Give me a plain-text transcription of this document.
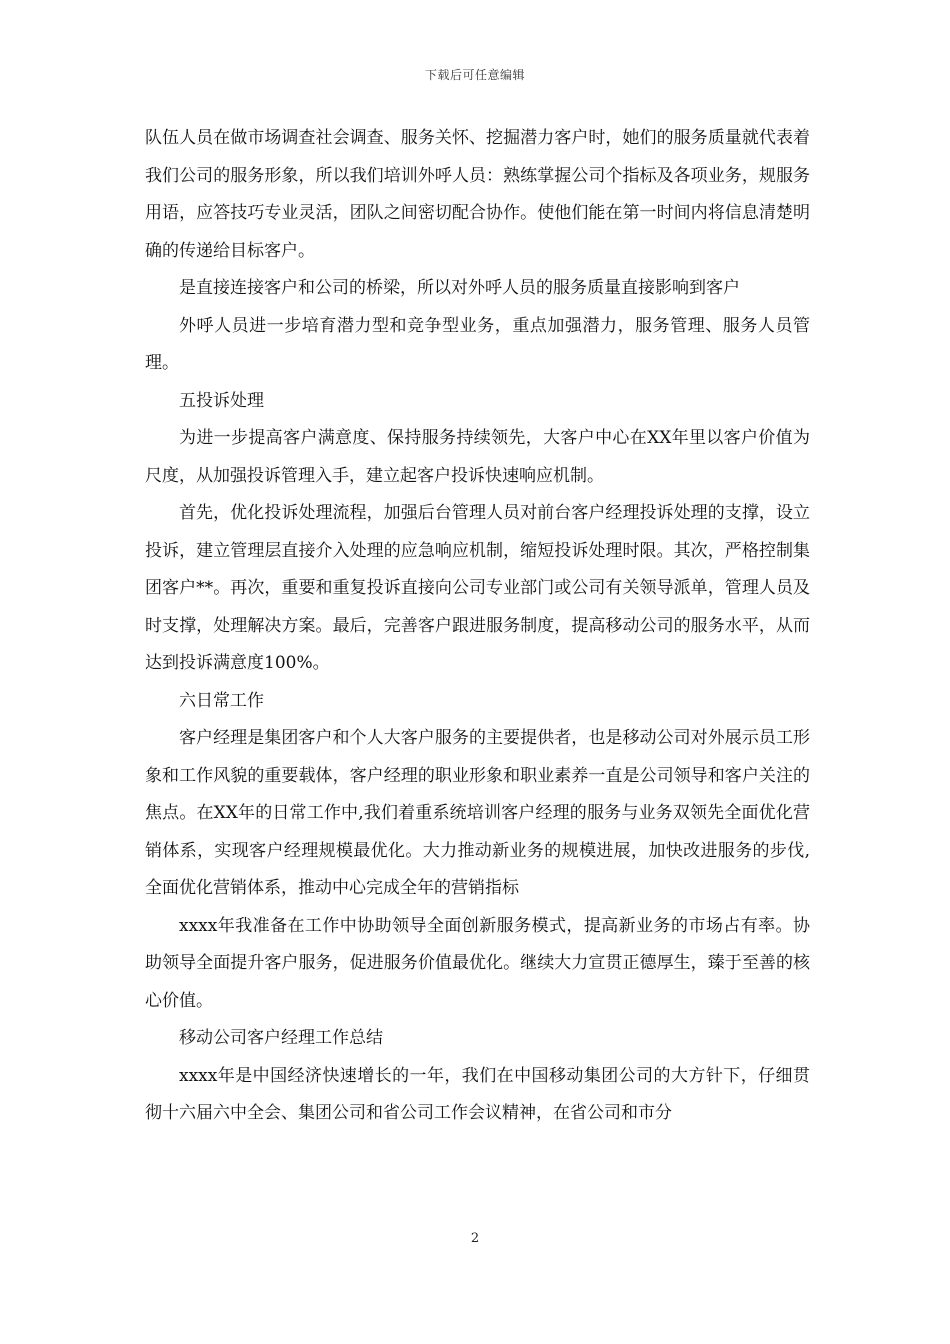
下载后可任意编辑

队伍人员在做市场调查社会调查、服务关怀、挖掘潜力客户时，她们的服务质量就代表着我们公司的服务形象，所以我们培训外呼人员：熟练掌握公司个指标及各项业务，规服务用语，应答技巧专业灵活，团队之间密切配合协作。使他们能在第一时间内将信息清楚明确的传递给目标客户。

是直接连接客户和公司的桥梁，所以对外呼人员的服务质量直接影响到客户

外呼人员进一步培育潜力型和竞争型业务，重点加强潜力，服务管理、服务人员管理。

五投诉处理

为进一步提高客户满意度、保持服务持续领先，大客户中心在XX年里以客户价值为尺度，从加强投诉管理入手，建立起客户投诉快速响应机制。

首先，优化投诉处理流程，加强后台管理人员对前台客户经理投诉处理的支撑，设立投诉，建立管理层直接介入处理的应急响应机制，缩短投诉处理时限。其次，严格控制集团客户**。再次，重要和重复投诉直接向公司专业部门或公司有关领导派单，管理人员及时支撑，处理解决方案。最后，完善客户跟进服务制度，提高移动公司的服务水平，从而达到投诉满意度100%。

六日常工作

客户经理是集团客户和个人大客户服务的主要提供者，也是移动公司对外展示员工形象和工作风貌的重要载体，客户经理的职业形象和职业素养一直是公司领导和客户关注的焦点。在XX年的日常工作中,我们着重系统培训客户经理的服务与业务双领先全面优化营销体系，实现客户经理规模最优化。大力推动新业务的规模进展，加快改进服务的步伐,全面优化营销体系，推动中心完成全年的营销指标

xxxx年我准备在工作中协助领导全面创新服务模式，提高新业务的市场占有率。协助领导全面提升客户服务，促进服务价值最优化。继续大力宣贯正德厚生，臻于至善的核心价值。

移动公司客户经理工作总结

xxxx年是中国经济快速增长的一年，我们在中国移动集团公司的大方针下，仔细贯彻十六届六中全会、集团公司和省公司工作会议精神，在省公司和市分

2
